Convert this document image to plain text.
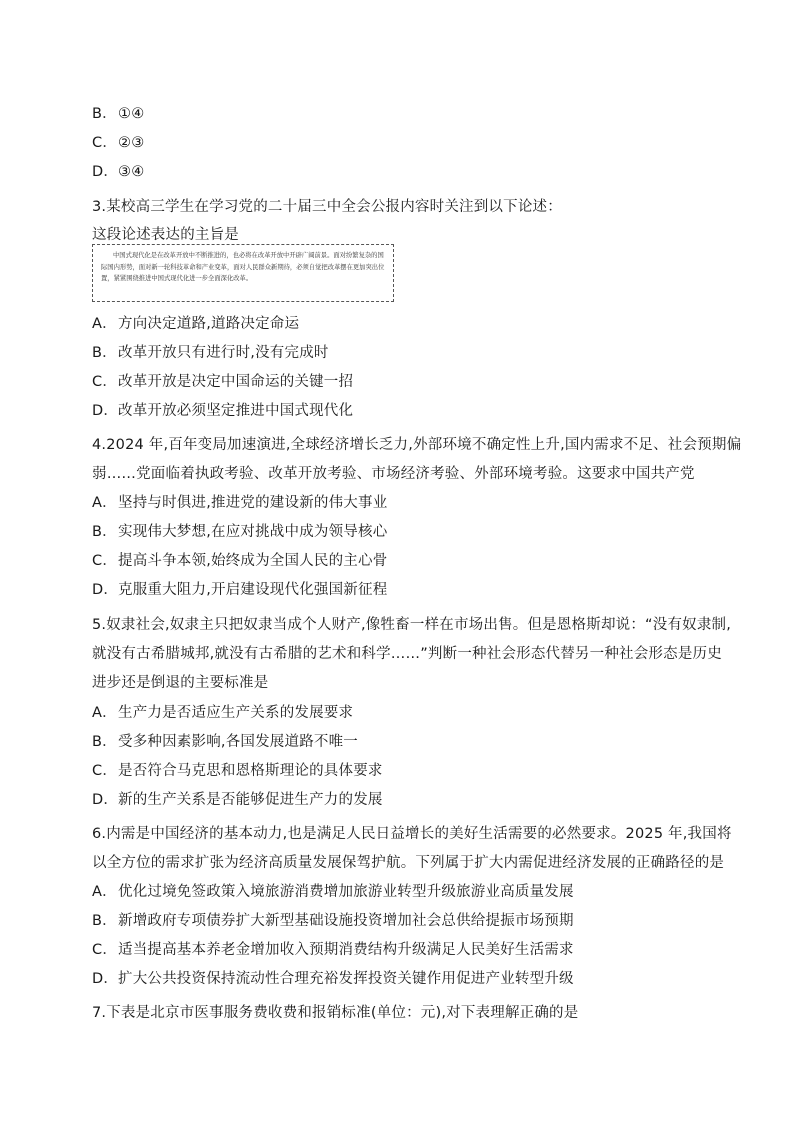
B．①④
C．②③
D．③④
3.某校高三学生在学习党的二十届三中全会公报内容时关注到以下论述：
这段论述表达的主旨是
中国式现代化是在改革开放中不断推进的，也必将在改革开放中开辟广阔前景。面对纷繁复杂的国际国内形势，面对新一轮科技革命和产业变革，面对人民群众新期待，必须自觉把改革摆在更加突出位置，紧紧围绕推进中国式现代化进一步全面深化改革。
A．方向决定道路,道路决定命运
B．改革开放只有进行时,没有完成时
C．改革开放是决定中国命运的关键一招
D．改革开放必须坚定推进中国式现代化
4.2024 年,百年变局加速演进,全球经济增长乏力,外部环境不确定性上升,国内需求不足、社会预期偏
弱……党面临着执政考验、改革开放考验、市场经济考验、外部环境考验。这要求中国共产党
A．坚持与时俱进,推进党的建设新的伟大事业
B．实现伟大梦想,在应对挑战中成为领导核心
C．提高斗争本领,始终成为全国人民的主心骨
D．克服重大阻力,开启建设现代化强国新征程
5.奴隶社会,奴隶主只把奴隶当成个人财产,像牲畜一样在市场出售。但是恩格斯却说：“没有奴隶制,
就没有古希腊城邦,就没有古希腊的艺术和科学……”判断一种社会形态代替另一种社会形态是历史
进步还是倒退的主要标准是
A．生产力是否适应生产关系的发展要求
B．受多种因素影响,各国发展道路不唯一
C．是否符合马克思和恩格斯理论的具体要求
D．新的生产关系是否能够促进生产力的发展
6.内需是中国经济的基本动力,也是满足人民日益增长的美好生活需要的必然要求。2025 年,我国将
以全方位的需求扩张为经济高质量发展保驾护航。下列属于扩大内需促进经济发展的正确路径的是
A．优化过境免签政策入境旅游消费增加旅游业转型升级旅游业高质量发展
B．新增政府专项债券扩大新型基础设施投资增加社会总供给提振市场预期
C．适当提高基本养老金增加收入预期消费结构升级满足人民美好生活需求
D．扩大公共投资保持流动性合理充裕发挥投资关键作用促进产业转型升级
7.下表是北京市医事服务费收费和报销标准(单位：元),对下表理解正确的是
